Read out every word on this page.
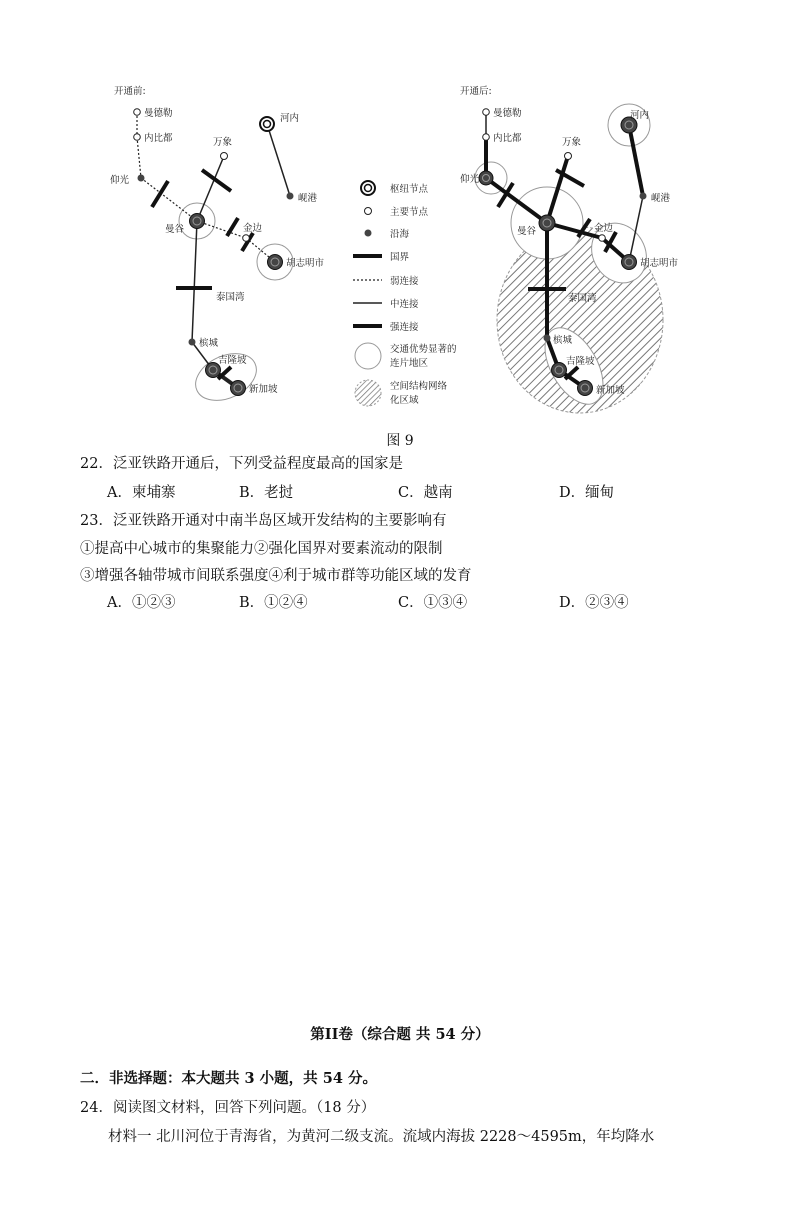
开通前:
曼德勒
内比都
仰光
万象
河内
岘港
曼谷	金边
胡志明市
泰国湾
槟城
吉隆坡
新加坡
枢纽节点
主要节点
沿海
国界
弱连接
中连接
强连接
交通优势显著的
连片地区
空间结构网络
化区域
开通后:
曼德勒
内比都
仰光
万象
河内
岘港
曼谷	金边
胡志明市
泰国湾
槟城
吉隆坡
新加坡
图 9
22．泛亚铁路开通后，下列受益程度最高的国家是
A．柬埔寨	B．老挝	C．越南	D．缅甸
23．泛亚铁路开通对中南半岛区域开发结构的主要影响有
①提高中心城市的集聚能力②强化国界对要素流动的限制
③增强各轴带城市间联系强度④利于城市群等功能区域的发育
A．①②③	B．①②④	C．①③④	D．②③④
第II卷（综合题 共 54 分）
二．非选择题：本大题共 3 小题，共 54 分。
24．阅读图文材料，回答下列问题。（18 分）
材料一 北川河位于青海省，为黄河二级支流。流域内海拔 2228～4595m，年均降水
